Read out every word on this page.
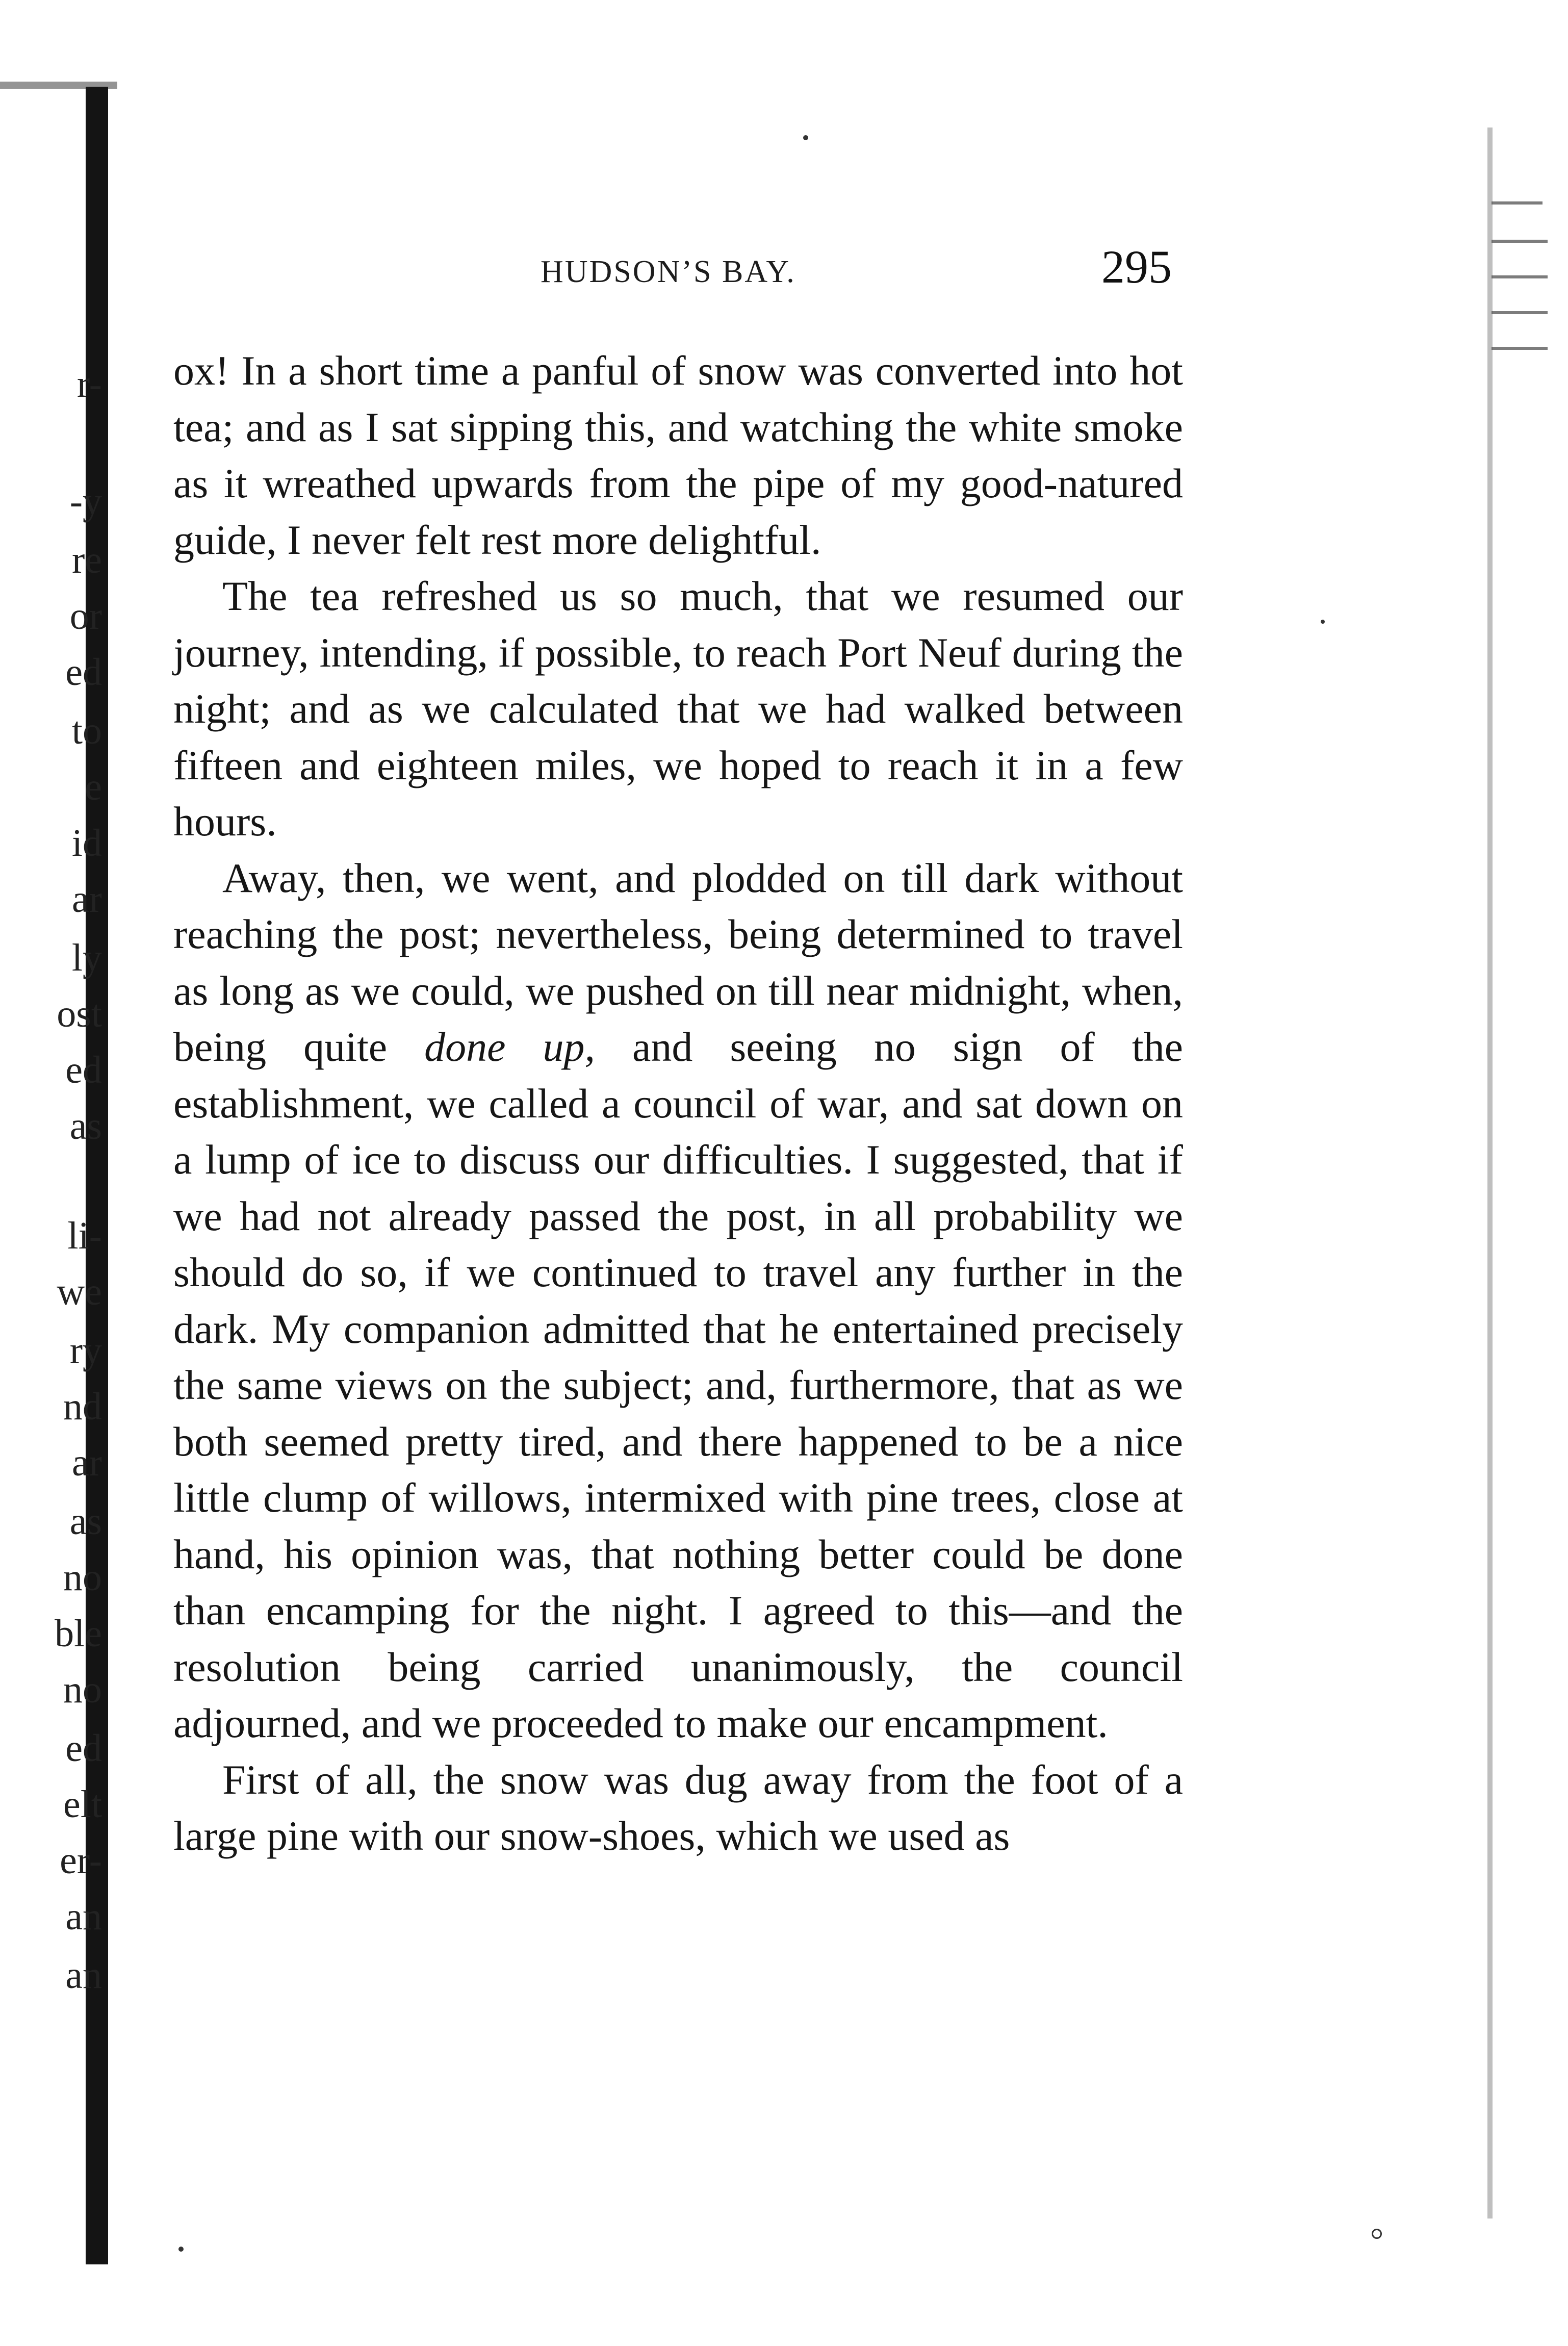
r-
-y
re
or
ed
to
e
id
ar
ly
ost
ed
as
li-
we
ry
nd
ar
as
no
ble
no
ed
elt
er-
an
an
HUDSON’S BAY.	295

ox! In a short time a panful of snow was converted into hot tea; and as I sat sipping this, and watching the white smoke as it wreathed upwards from the pipe of my good-natured guide, I never felt rest more delightful.

The tea refreshed us so much, that we resumed our journey, intending, if possible, to reach Port Neuf during the night; and as we calculated that we had walked between fifteen and eighteen miles, we hoped to reach it in a few hours.

Away, then, we went, and plodded on till dark without reaching the post; nevertheless, being determined to travel as long as we could, we pushed on till near midnight, when, being quite done up, and seeing no sign of the establishment, we called a council of war, and sat down on a lump of ice to discuss our difficulties. I suggested, that if we had not already passed the post, in all probability we should do so, if we continued to travel any further in the dark. My companion admitted that he entertained precisely the same views on the subject; and, furthermore, that as we both seemed pretty tired, and there happened to be a nice little clump of willows, intermixed with pine trees, close at hand, his opinion was, that nothing better could be done than encamping for the night. I agreed to this—and the resolution being carried unanimously, the council adjourned, and we proceeded to make our encampment.

First of all, the snow was dug away from the foot of a large pine with our snow-shoes, which we used as
